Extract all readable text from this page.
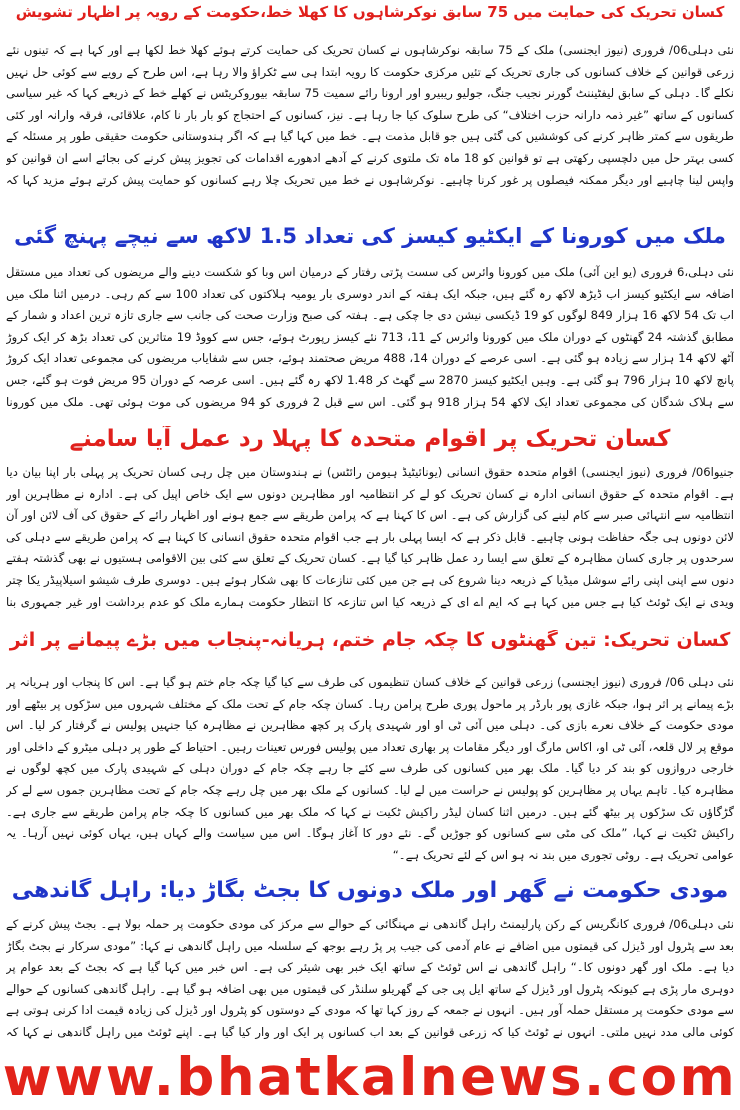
کسان تحریک کی حمایت میں 75 سابق نوکرشاہوں کا کھلا خط،حکومت کے رویہ پر اظہارِ تشویش
نئی دہلی06/ فروری (نیوز ایجنسی) ملک کے 75 سابقہ نوکرشاہوں نے کسان تحریک کی حمایت کرتے ہوئے کھلا خط لکھا ہے اور کہا ہے کہ تینوں نئے زرعی قوانین کے خلاف کسانوں کی جاری تحریک کے تئیں مرکزی حکومت کا رویہ ابتدا ہی سے ٹکراؤ والا رہا ہے، اس طرح کے رویے سے کوئی حل نہیں نکلے گا۔ دہلی کے سابق لیفٹیننٹ گورنر نجیب جنگ، جولیو ریبیرو اور ارونا رائے سمیت 75 سابقہ بیوروکریٹس نے کھلے خط کے ذریعے کہا کہ غیر سیاسی کسانوں کے ساتھ ”غیر ذمہ دارانہ حزب اختلاف“ کی طرح سلوک کیا جا رہا ہے۔ نیز، کسانوں کے احتجاج کو بار بار نا کام، علاقائی، فرقہ وارانہ اور کئی طریقوں سے کمتر ظاہر کرنے کی کوششیں کی گئی ہیں جو قابل مذمت ہے۔ خط میں کہا گیا ہے کہ اگر ہندوستانی حکومت حقیقی طور پر مسئلہ کے کسی بہتر حل میں دلچسپی رکھتی ہے تو قوانین کو 18 ماہ تک ملتوی کرنے کے آدھے ادھورے اقدامات کی تجویز پیش کرنے کی بجائے اسے ان قوانین کو واپس لینا چاہیے اور دیگر ممکنہ فیصلوں پر غور کرنا چاہیے۔ نوکرشاہوں نے خط میں تحریک چلا رہے کسانوں کو حمایت پیش کرتے ہوئے مزید کہا کہ
ملک میں کورونا کے ایکٹیو کیسز کی تعداد 1.5 لاکھ سے نیچے پہنچ گئی
نئی دہلی،6 فروری (یو این آئی) ملک میں کورونا وائرس کی سست پڑتی رفتار کے درمیان اس وبا کو شکست دینے والے مریضوں کی تعداد میں مستقل اضافہ سے ایکٹیو کیسز اب ڈیڑھ لاکھ رہ گئے ہیں، جبکہ ایک ہفتہ کے اندر دوسری بار یومیہ ہلاکتوں کی تعداد 100 سے کم رہی۔ درمیں اثنا ملک میں اب تک 54 لاکھ 16 ہزار 849 لوگوں کو 19 ڈیکسی نیشن دی جا چکی ہے۔ ہفتہ کی صبح وزارت صحت کی جانب سے جاری تازہ ترین اعداد و شمار کے مطابق گذشتہ 24 گھنٹوں کے دوران ملک میں کورونا وائرس کے 11، 713 نئے کیسز رپورٹ ہوئے، جس سے کووڈ 19 متاثرین کی تعداد بڑھ کر ایک کروڑ آٹھ لاکھ 14 ہزار سے زیادہ ہو گئی ہے۔ اسی عرصے کے دوران 14، 488 مریض صحتمند ہوئے، جس سے شفایاب مریضوں کی مجموعی تعداد ایک کروڑ پانچ لاکھ 10 ہزار 796 ہو گئی ہے۔ وہیں ایکٹیو کیسز 2870 سے گھٹ کر 1.48 لاکھ رہ گئے ہیں۔ اسی عرصہ کے دوران 95 مریض فوت ہو گئے، جس سے ہلاک شدگان کی مجموعی تعداد ایک لاکھ 54 ہزار 918 ہو گئی۔ اس سے قبل 2 فروری کو 94 مریضوں کی موت ہوئی تھی۔ ملک میں کورونا
کسان تحریک پر اقوام متحدہ کا پہلا رد عمل آیا سامنے
جنیوا06/ فروری (نیوز ایجنسی) اقوام متحدہ حقوق انسانی (یونائیٹیڈ ہیومن رائٹس) نے ہندوستان میں چل رہی کسان تحریک پر پہلی بار اپنا بیان دیا ہے۔ اقوام متحدہ کے حقوق انسانی ادارہ نے کسان تحریک کو لے کر انتظامیہ اور مظاہرین دونوں سے ایک خاص اپیل کی ہے۔ ادارہ نے مظاہرین اور انتظامیہ سے انتہائی صبر سے کام لینے کی گزارش کی ہے۔ اس کا کہنا ہے کہ پرامن طریقے سے جمع ہونے اور اظہار رائے کے حقوق کی آف لائن اور آن لائن دونوں ہی جگہ حفاظت ہونی چاہیے۔ قابل ذکر ہے کہ ایسا پہلی بار ہے جب اقوام متحدہ حقوق انسانی کا کہنا ہے کہ پرامن طریقے سے دہلی کی سرحدوں پر جاری کسان مظاہرہ کے تعلق سے ایسا رد عمل ظاہر کیا گیا ہے۔ کسان تحریک کے تعلق سے کئی بین الاقوامی ہستیوں نے بھی گذشتہ ہفتے دنوں سے اپنی اپنی رائے سوشل میڈیا کے ذریعہ دینا شروع کی ہے جن میں کئی تنازعات کا بھی شکار ہوئے ہیں۔ دوسری طرف شیشو اسیلاپیڈر یکا چتر ویدی نے ایک ٹوئٹ کیا ہے جس میں کہا ہے کہ ایم اے ای کے ذریعہ کیا اس تنازعہ کا انتظار حکومت ہمارے ملک کو عدم برداشت اور غیر جمہوری بنا
کسان تحریک: تین گھنٹوں کا چکہ جام ختم، ہریانہ-پنجاب میں بڑے پیمانے پر اثر
نئی دہلی 06/ فروری (نیوز ایجنسی) زرعی قوانین کے خلاف کسان تنظیموں کی طرف سے کیا گیا چکہ جام ختم ہو گیا ہے۔ اس کا پنجاب اور ہریانہ پر بڑے پیمانے پر اثر ہوا، جبکہ غازی پور بارڈر پر ماحول پوری طرح پرامن رہا۔ کسان چکہ جام کے تحت ملک کے مختلف شہروں میں سڑکوں پر بیٹھے اور مودی حکومت کے خلاف نعرے بازی کی۔ دہلی میں آئی ٹی او اور شہیدی پارک پر کچھ مظاہرین نے مظاہرہ کیا جنہیں پولیس نے گرفتار کر لیا۔ اس موقع پر لال قلعہ، آئی ٹی او، اکاس مارگ اور دیگر مقامات پر بھاری تعداد میں پولیس فورس تعینات رہیں۔ احتیاط کے طور پر دہلی میٹرو کے داخلی اور خارجی دروازوں کو بند کر دیا گیا۔ ملک بھر میں کسانوں کی طرف سے کئے جا رہے چکہ جام کے دوران دہلی کے شہیدی پارک میں کچھ لوگوں نے مظاہرہ کیا۔ تاہم یہاں پر مظاہرین کو پولیس نے حراست میں لے لیا۔ کسانوں کے ملک بھر میں چل رہے چکہ جام کے تحت مظاہرین جموں سے لے کر گڑگاؤں تک سڑکوں پر بیٹھ گئے ہیں۔ درمیں اثنا کسان لیڈر راکیش ٹکیت نے کہا کہ ملک بھر میں کسانوں کا چکہ جام پرامن طریقے سے جاری ہے۔ راکیش ٹکیت نے کہا، ”ملک کی مٹی سے کسانوں کو جوڑیں گے۔ نئے دور کا آغاز ہوگا۔ اس میں سیاست والے کہاں ہیں، یہاں کوئی نہیں آرہا۔ یہ عوامی تحریک ہے۔ روٹی تجوری میں بند نہ ہو اس کے لئے تحریک ہے۔“
مودی حکومت نے گھر اور ملک دونوں کا بجٹ بگاڑ دیا: راہل گاندھی
نئی دہلی06/ فروری کانگریس کے رکن پارلیمنٹ راہل گاندھی نے مہنگائی کے حوالے سے مرکز کی مودی حکومت پر حملہ بولا ہے۔ بجٹ پیش کرنے کے بعد سے پٹرول اور ڈیزل کی قیمتوں میں اضافے نے عام آدمی کی جیب پر پڑ رہے بوجھ کے سلسلہ میں راہل گاندھی نے کہا: ”مودی سرکار نے بجٹ بگاڑ دیا ہے۔ ملک اور گھر دونوں کا۔“ راہل گاندھی نے اس ٹوئٹ کے ساتھ ایک خبر بھی شیئر کی ہے۔ اس خبر میں کہا گیا ہے کہ بجٹ کے بعد عوام پر دوہری مار پڑی ہے کیونکہ پٹرول اور ڈیزل کے ساتھ ایل پی جی کے گھریلو سلنڈر کی قیمتوں میں بھی اضافہ ہو گیا ہے۔ راہل گاندھی کسانوں کے حوالے سے مودی حکومت پر مستقل حملہ آور ہیں۔ انہوں نے جمعہ کے روز کہا تھا کہ مودی کے دوستوں کو پٹرول اور ڈیزل کی زیادہ قیمت ادا کرنی ہوتی ہے کوئی مالی مدد نہیں ملتی۔ انہوں نے ٹوئٹ کیا کہ زرعی قوانین کے بعد اب کسانوں پر ایک اور وار کیا گیا ہے۔ اپنے ٹوئٹ میں راہل گاندھی نے کہا کہ
www.bhatkalnews.com
